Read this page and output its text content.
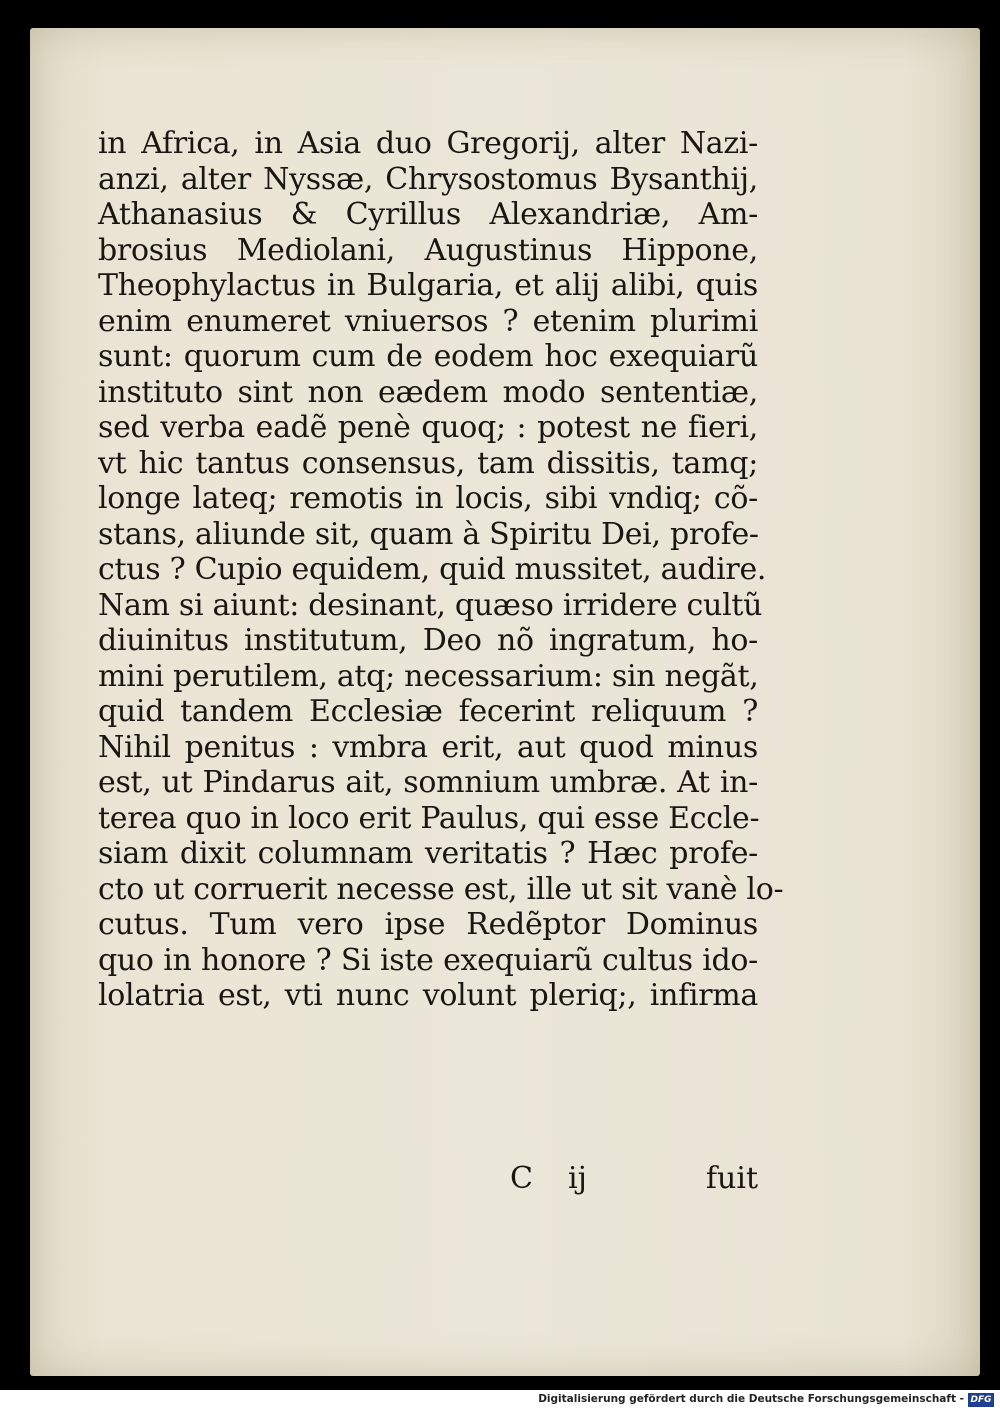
in Africa, in Asia duo Gregorij, alter Nazi-
anzi, alter Nyssæ, Chrysostomus Bysanthij,
Athanasius & Cyrillus Alexandriæ, Am-
brosius Mediolani, Augustinus Hippone,
Theophylactus in Bulgaria, et alij alibi, quis
enim enumeret vniuersos ? etenim plurimi
sunt: quorum cum de eodem hoc exequiarũ
instituto sint non eædem modo sententiæ,
sed verba eadẽ penè quoq; : potest ne fieri,
vt hic tantus consensus, tam dissitis, tamq;
longe lateq; remotis in locis, sibi vndiq; cõ-
stans, aliunde sit, quam à Spiritu Dei, profe-
ctus ? Cupio equidem, quid mussitet, audire.
Nam si aiunt: desinant, quæso irridere cultũ
diuinitus institutum, Deo nõ ingratum, ho-
mini perutilem, atq; necessarium: sin negãt,
quid tandem Ecclesiæ fecerint reliquum ?
Nihil penitus : vmbra erit, aut quod minus
est, ut Pindarus ait, somnium umbræ. At in-
terea quo in loco erit Paulus, qui esse Eccle-
siam dixit columnam veritatis ? Hæc profe-
cto ut corruerit necesse est, ille ut sit vanè lo-
cutus. Tum vero ipse Redẽptor Dominus
quo in honore ? Si iste exequiarũ cultus ido-
lolatria est, vti nunc volunt pleriq;, infirma
C ij	fuit
Digitalisierung gefördert durch die Deutsche Forschungsgemeinschaft - DFG
